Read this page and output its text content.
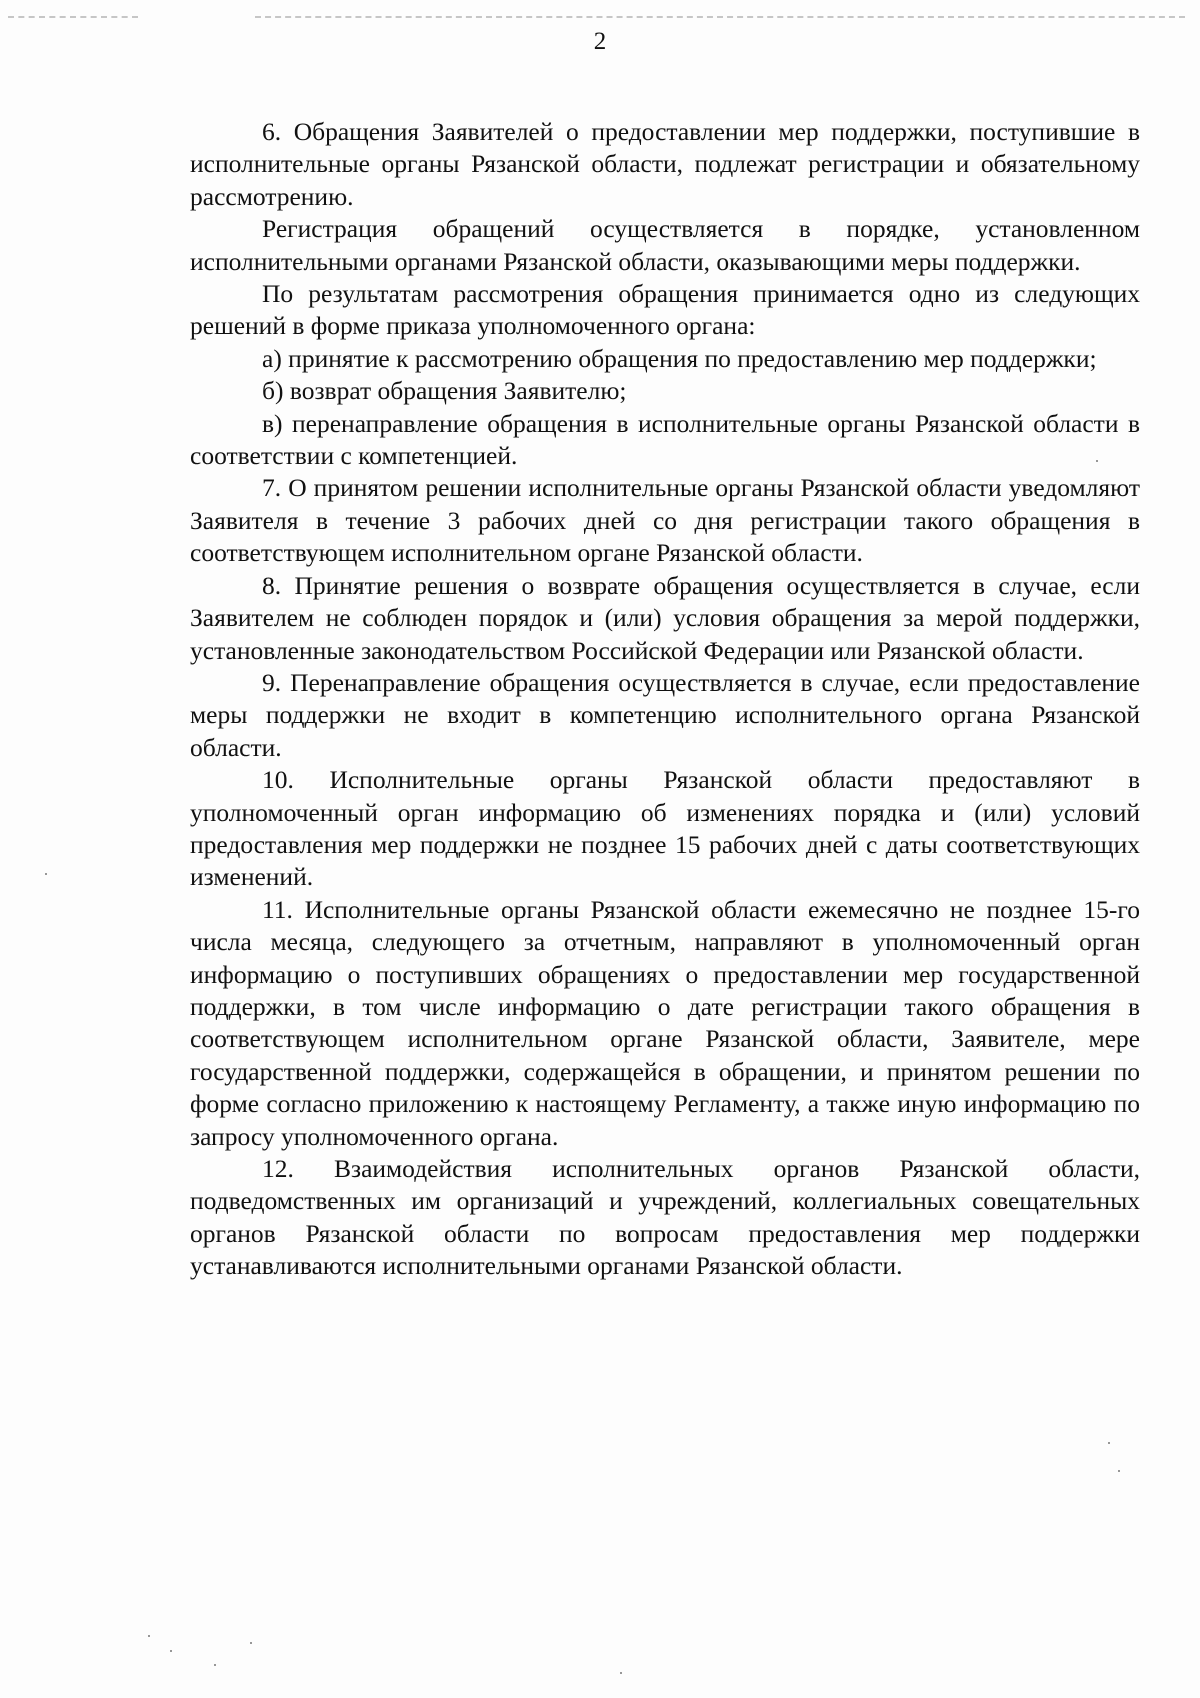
2

6. Обращения Заявителей о предоставлении мер поддержки, поступившие в исполнительные органы Рязанской области, подлежат регистрации и обязательному рассмотрению.

Регистрация обращений осуществляется в порядке, установленном исполнительными органами Рязанской области, оказывающими меры поддержки.

По результатам рассмотрения обращения принимается одно из следующих решений в форме приказа уполномоченного органа:

а) принятие к рассмотрению обращения по предоставлению мер поддержки;

б) возврат обращения Заявителю;

в) перенаправление обращения в исполнительные органы Рязанской области в соответствии с компетенцией.

7. О принятом решении исполнительные органы Рязанской области уведомляют Заявителя в течение 3 рабочих дней со дня регистрации такого обращения в соответствующем исполнительном органе Рязанской области.

8. Принятие решения о возврате обращения осуществляется в случае, если Заявителем не соблюден порядок и (или) условия обращения за мерой поддержки, установленные законодательством Российской Федерации или Рязанской области.

9. Перенаправление обращения осуществляется в случае, если предоставление меры поддержки не входит в компетенцию исполнительного органа Рязанской области.

10. Исполнительные органы Рязанской области предоставляют в уполномоченный орган информацию об изменениях порядка и (или) условий предоставления мер поддержки не позднее 15 рабочих дней с даты соответствующих изменений.

11. Исполнительные органы Рязанской области ежемесячно не позднее 15-го числа месяца, следующего за отчетным, направляют в уполномоченный орган информацию о поступивших обращениях о предоставлении мер государственной поддержки, в том числе информацию о дате регистрации такого обращения в соответствующем исполнительном органе Рязанской области, Заявителе, мере государственной поддержки, содержащейся в обращении, и принятом решении по форме согласно приложению к настоящему Регламенту, а также иную информацию по запросу уполномоченного органа.

12. Взаимодействия исполнительных органов Рязанской области, подведомственных им организаций и учреждений, коллегиальных совещательных органов Рязанской области по вопросам предоставления мер поддержки устанавливаются исполнительными органами Рязанской области.
